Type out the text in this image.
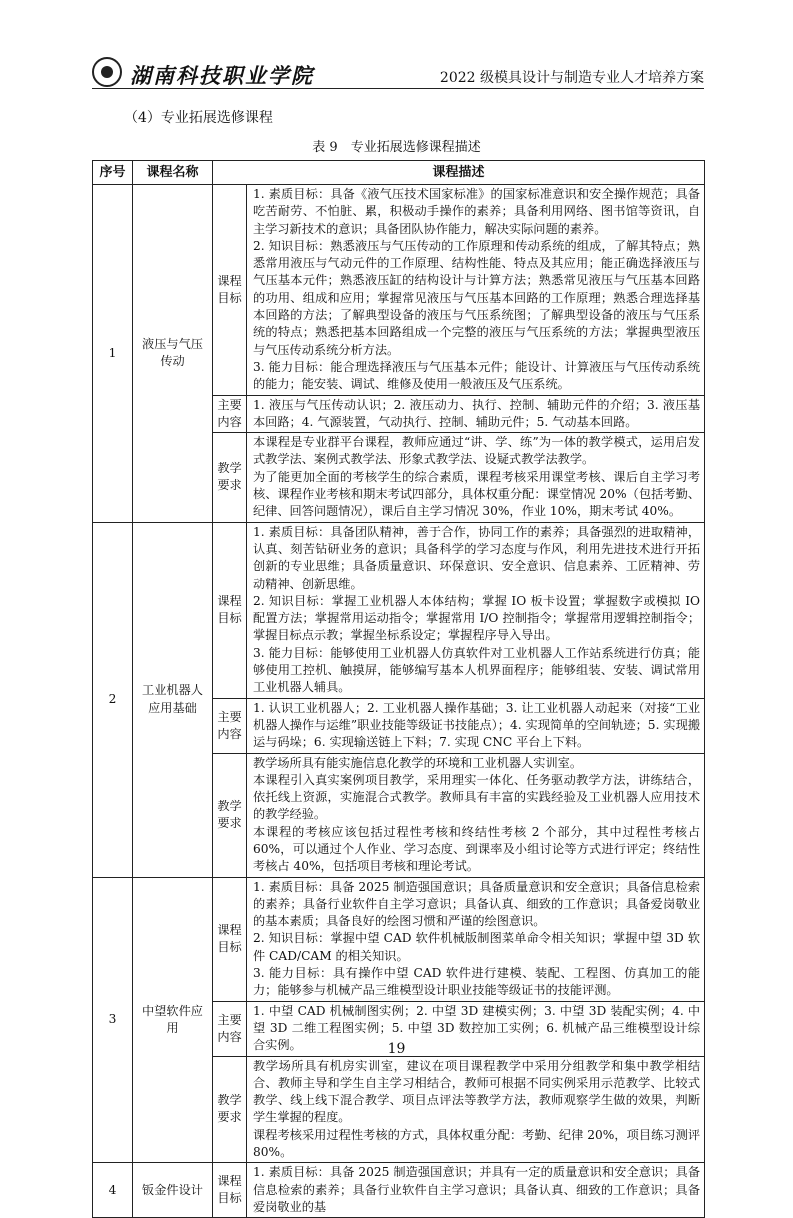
湖南科技职业学院	2022 级模具设计与制造专业人才培养方案
（4）专业拓展选修课程
表 9　专业拓展选修课程描述
序号	课程名称	课程描述	
1	液压与气压传动	课程目标	1. 素质目标：具备《液气压技术国家标准》的国家标准意识和安全操作规范；具备吃苦耐劳、不怕脏、累，积极动手操作的素养；具备利用网络、图书馆等资讯，自主学习新技术的意识；具备团队协作能力，解决实际问题的素养。
2. 知识目标：熟悉液压与气压传动的工作原理和传动系统的组成，了解其特点；熟悉常用液压与气动元件的工作原理、结构性能、特点及其应用；能正确选择液压与气压基本元件；熟悉液压缸的结构设计与计算方法；熟悉常见液压与气压基本回路的功用、组成和应用；掌握常见液压与气压基本回路的工作原理；熟悉合理选择基本回路的方法；了解典型设备的液压与气压系统图；了解典型设备的液压与气压系统的特点；熟悉把基本回路组成一个完整的液压与气压系统的方法；掌握典型液压与气压传动系统分析方法。
3. 能力目标：能合理选择液压与气压基本元件；能设计、计算液压与气压传动系统的能力；能安装、调试、维修及使用一般液压及气压系统。

		主要内容	1. 液压与气压传动认识；2. 液压动力、执行、控制、辅助元件的介绍；3. 液压基本回路；4. 气源装置，气动执行、控制、辅助元件；5. 气动基本回路。

		教学要求	本课程是专业群平台课程，教师应通过“讲、学、练”为一体的教学模式，运用启发式教学法、案例式教学法、形象式教学法、设疑式教学法教学。
为了能更加全面的考核学生的综合素质，课程考核采用课堂考核、课后自主学习考核、课程作业考核和期末考试四部分，具体权重分配：课堂情况 20%（包括考勤、纪律、回答问题情况），课后自主学习情况 30%，作业 10%，期末考试 40%。

2	工业机器人应用基础	课程目标	1. 素质目标：具备团队精神，善于合作，协同工作的素养；具备强烈的进取精神，认真、刻苦钻研业务的意识；具备科学的学习态度与作风，利用先进技术进行开拓创新的专业思维；具备质量意识、环保意识、安全意识、信息素养、工匠精神、劳动精神、创新思维。
2. 知识目标：掌握工业机器人本体结构；掌握 IO 板卡设置；掌握数字或模拟 IO 配置方法；掌握常用运动指令；掌握常用 I/O 控制指令；掌握常用逻辑控制指令；掌握目标点示教；掌握坐标系设定；掌握程序导入导出。
3. 能力目标：能够使用工业机器人仿真软件对工业机器人工作站系统进行仿真；能够使用工控机、触摸屏，能够编写基本人机界面程序；能够组装、安装、调试常用工业机器人辅具。

		主要内容	1. 认识工业机器人；2. 工业机器人操作基础；3. 让工业机器人动起来（对接“工业机器人操作与运维”职业技能等级证书技能点）；4. 实现简单的空间轨迹；5. 实现搬运与码垛；6. 实现输送链上下料；7. 实现 CNC 平台上下料。

		教学要求	教学场所具有能实施信息化教学的环境和工业机器人实训室。
本课程引入真实案例项目教学，采用理实一体化、任务驱动教学方法，讲练结合，依托线上资源，实施混合式教学。教师具有丰富的实践经验及工业机器人应用技术的教学经验。
本课程的考核应该包括过程性考核和终结性考核 2 个部分，其中过程性考核占 60%，可以通过个人作业、学习态度、到课率及小组讨论等方式进行评定；终结性考核占 40%，包括项目考核和理论考试。

3	中望软件应用	课程目标	1. 素质目标：具备 2025 制造强国意识；具备质量意识和安全意识；具备信息检索的素养；具备行业软件自主学习意识；具备认真、细致的工作意识；具备爱岗敬业的基本素质；具备良好的绘图习惯和严谨的绘图意识。
2. 知识目标：掌握中望 CAD 软件机械版制图菜单命令相关知识；掌握中望 3D 软件 CAD/CAM 的相关知识。
3. 能力目标：具有操作中望 CAD 软件进行建模、装配、工程图、仿真加工的能力；能够参与机械产品三维模型设计职业技能等级证书的技能评测。

		主要内容	1. 中望 CAD 机械制图实例；2. 中望 3D 建模实例；3. 中望 3D 装配实例；4. 中望 3D 二维工程图实例；5. 中望 3D 数控加工实例；6. 机械产品三维模型设计综合实例。

		教学要求	教学场所具有机房实训室，建议在项目课程教学中采用分组教学和集中教学相结合、教师主导和学生自主学习相结合，教师可根据不同实例采用示范教学、比较式教学、线上线下混合教学、项目点评法等教学方法，教师观察学生做的效果，判断学生掌握的程度。
课程考核采用过程性考核的方式，具体权重分配：考勤、纪律 20%，项目练习测评 80%。

4	钣金件设计	课程目标	1. 素质目标：具备 2025 制造强国意识；并具有一定的质量意识和安全意识；具备信息检索的素养；具备行业软件自主学习意识；具备认真、细致的工作意识；具备爱岗敬业的基
19
